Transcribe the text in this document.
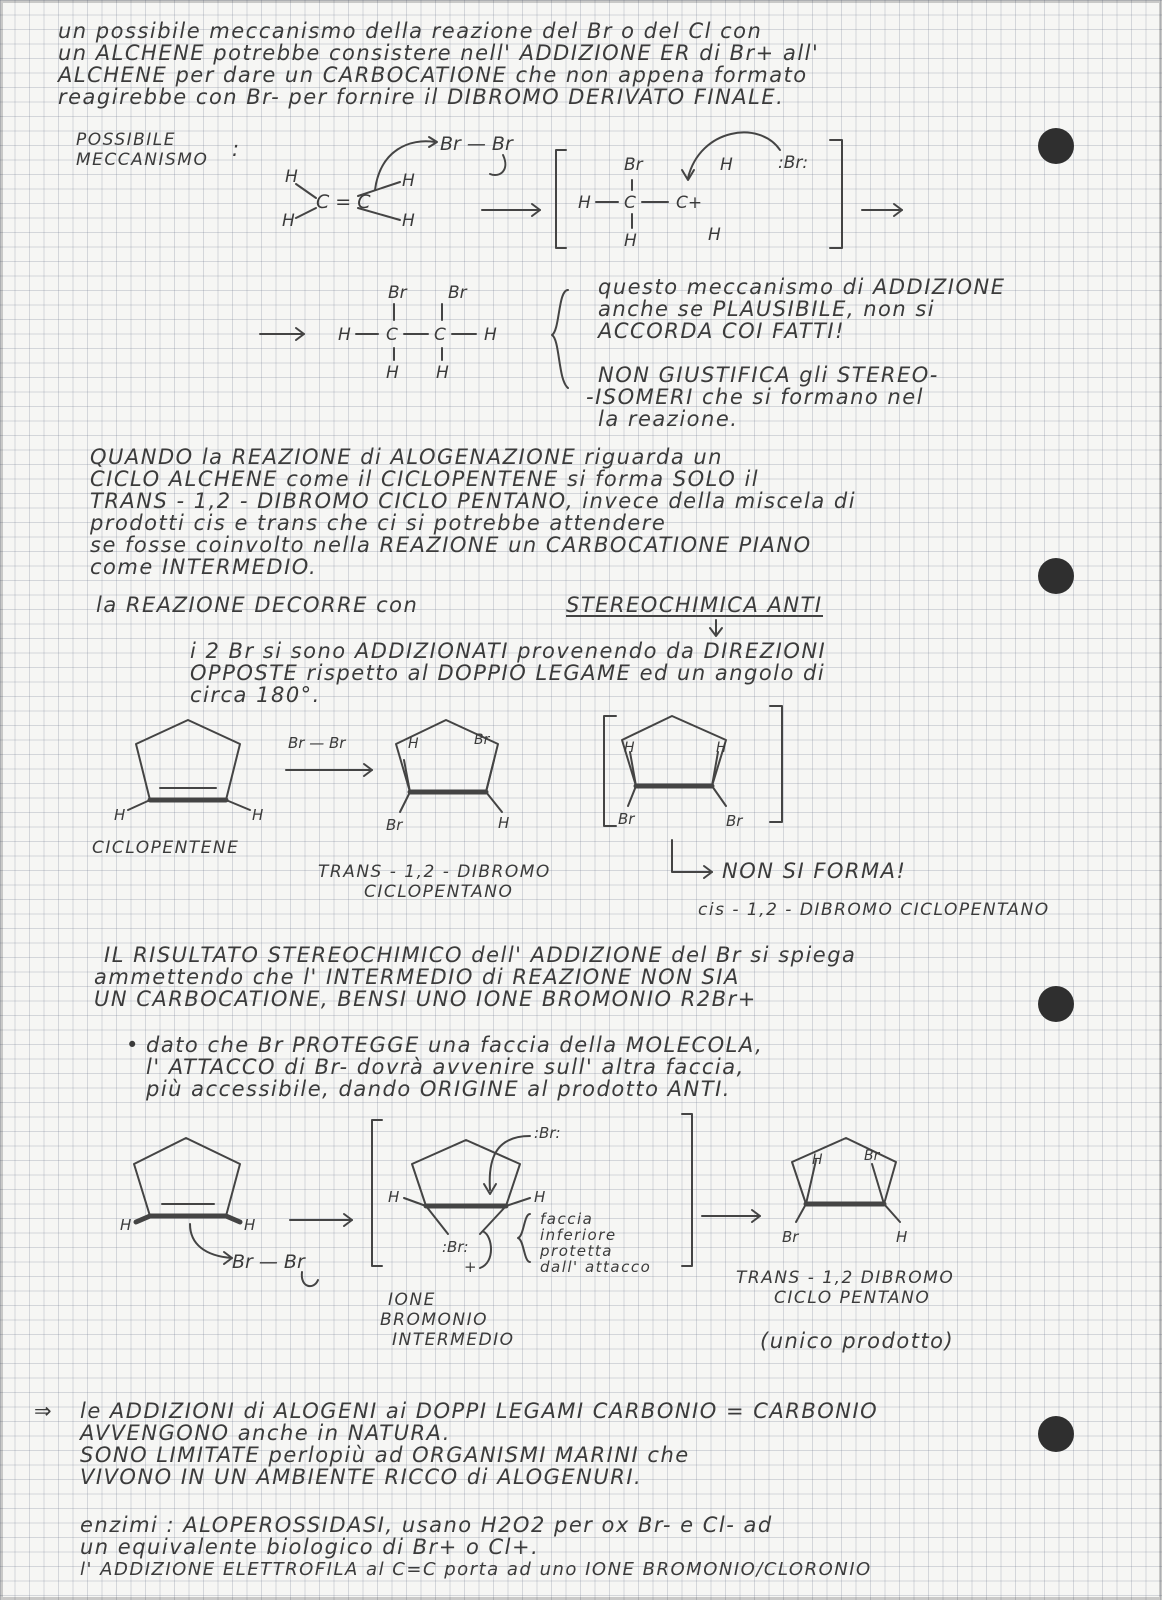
un possibile meccanismo della reazione del Br o del Cl con
un ALCHENE potrebbe consistere nell' ADDIZIONE ER di Br+ all'
ALCHENE per dare un CARBOCATIONE che non appena formato
reagirebbe con Br- per fornire il DIBROMO DERIVATO FINALE.
POSSIBILE
MECCANISMO :	Br — Br
H
H
C = C
H
H
H C C+
Br
H
H
H
:Br:
H C C H
Br Br
H H
questo meccanismo di ADDIZIONE
anche se PLAUSIBILE, non si
ACCORDA COI FATTI!
NON GIUSTIFICA gli STEREO-
-ISOMERI che si formano nel
la reazione.
QUANDO la REAZIONE di ALOGENAZIONE riguarda un
CICLO ALCHENE come il CICLOPENTENE si forma SOLO il
TRANS - 1,2 - DIBROMO CICLO PENTANO, invece della miscela di
prodotti cis e trans che ci si potrebbe attendere
se fosse coinvolto nella REAZIONE un CARBOCATIONE PIANO
come INTERMEDIO.
la REAZIONE DECORRE con	STEREOCHIMICA ANTI
i 2 Br si sono ADDIZIONATI provenendo da DIREZIONI
OPPOSTE rispetto al DOPPIO LEGAME ed un angolo di
circa 180°.
H	H
Br — Br	H	Br
Br	H
H	H
Br	Br
CICLOPENTENE
TRANS - 1,2 - DIBROMO
CICLOPENTANO
NON SI FORMA!
cis - 1,2 - DIBROMO CICLOPENTANO
IL RISULTATO STEREOCHIMICO dell' ADDIZIONE del Br si spiega
ammettendo che l' INTERMEDIO di REAZIONE NON SIA
UN CARBOCATIONE, BENSI UNO IONE BROMONIO R2Br+
• dato che Br PROTEGGE una faccia della MOLECOLA,
l' ATTACCO di Br- dovrà avvenire sull' altra faccia,
più accessibile, dando ORIGINE al prodotto ANTI.
H	H
Br — Br
H	H
:Br:
+
:Br:
H	Br
Br	H
faccia
inferiore
protetta
dall' attacco
IONE
BROMONIO
INTERMEDIO
TRANS - 1,2 DIBROMO
CICLO PENTANO
(unico prodotto)
⇒ le ADDIZIONI di ALOGENI ai DOPPI LEGAMI CARBONIO = CARBONIO
AVVENGONO anche in NATURA.
SONO LIMITATE perlopiù ad ORGANISMI MARINI che
VIVONO IN UN AMBIENTE RICCO di ALOGENURI.
enzimi : ALOPEROSSIDASI, usano H2O2 per ox Br- e Cl- ad
un equivalente biologico di Br+ o Cl+.
l' ADDIZIONE ELETTROFILA al C=C porta ad uno IONE BROMONIO/CLORONIO
